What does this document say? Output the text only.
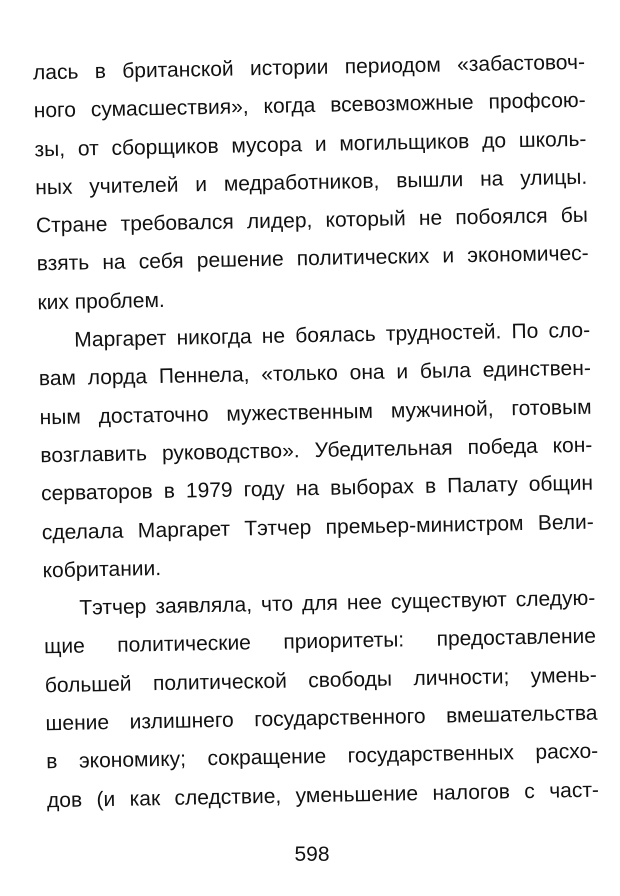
лась в британской истории периодом «забастовоч-
ного сумасшествия», когда всевозможные профсою-
зы, от сборщиков мусора и могильщиков до школь-
ных учителей и медработников, вышли на улицы.
Стране требовался лидер, который не побоялся бы
взять на себя решение политических и экономичес-
ких проблем.
Маргарет никогда не боялась трудностей. По сло-
вам лорда Пеннела, «только она и была единствен-
ным достаточно мужественным мужчиной, готовым
возглавить руководство». Убедительная победа кон-
серваторов в 1979 году на выборах в Палату общин
сделала Маргарет Тэтчер премьер-министром Вели-
кобритании.
Тэтчер заявляла, что для нее существуют следую-
щие политические приоритеты: предоставление
большей политической свободы личности; умень-
шение излишнего государственного вмешательства
в экономику; сокращение государственных расхо-
дов (и как следствие, уменьшение налогов с част-
598
